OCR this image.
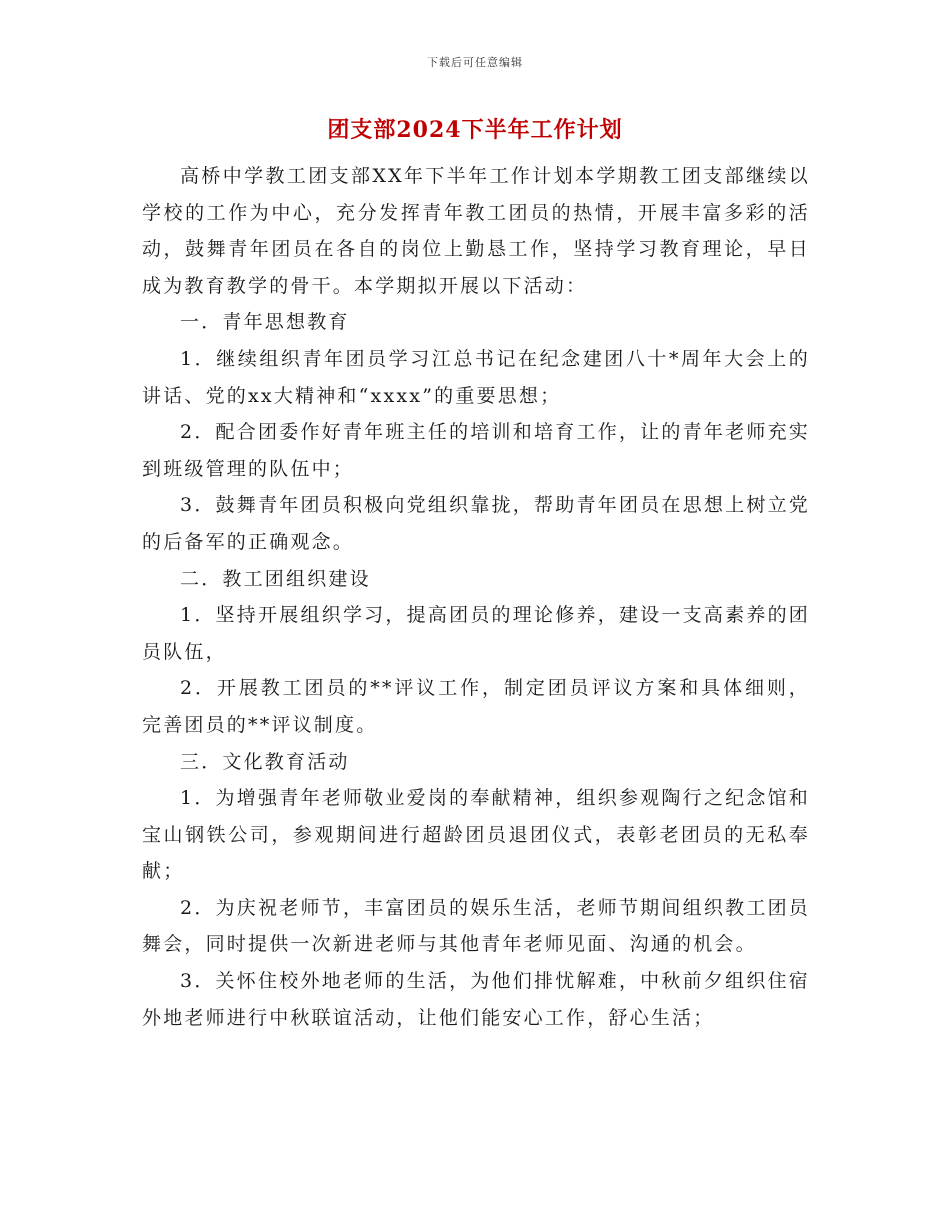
下载后可任意编辑
团支部2024下半年工作计划

高桥中学教工团支部XX年下半年工作计划本学期教工团支部继续以学校的工作为中心，充分发挥青年教工团员的热情，开展丰富多彩的活动，鼓舞青年团员在各自的岗位上勤恳工作，坚持学习教育理论，早日成为教育教学的骨干。本学期拟开展以下活动：

一．青年思想教育

1．继续组织青年团员学习江总书记在纪念建团八十*周年大会上的讲话、党的xx大精神和“xxxx”的重要思想；

2．配合团委作好青年班主任的培训和培育工作，让的青年老师充实到班级管理的队伍中；

3．鼓舞青年团员积极向党组织靠拢，帮助青年团员在思想上树立党的后备军的正确观念。

二．教工团组织建设

1．坚持开展组织学习，提高团员的理论修养，建设一支高素养的团员队伍，

2．开展教工团员的**评议工作，制定团员评议方案和具体细则，完善团员的**评议制度。

三．文化教育活动

1．为增强青年老师敬业爱岗的奉献精神，组织参观陶行之纪念馆和宝山钢铁公司，参观期间进行超龄团员退团仪式，表彰老团员的无私奉献；

2．为庆祝老师节，丰富团员的娱乐生活，老师节期间组织教工团员舞会，同时提供一次新进老师与其他青年老师见面、沟通的机会。

3．关怀住校外地老师的生活，为他们排忧解难，中秋前夕组织住宿外地老师进行中秋联谊活动，让他们能安心工作，舒心生活；
